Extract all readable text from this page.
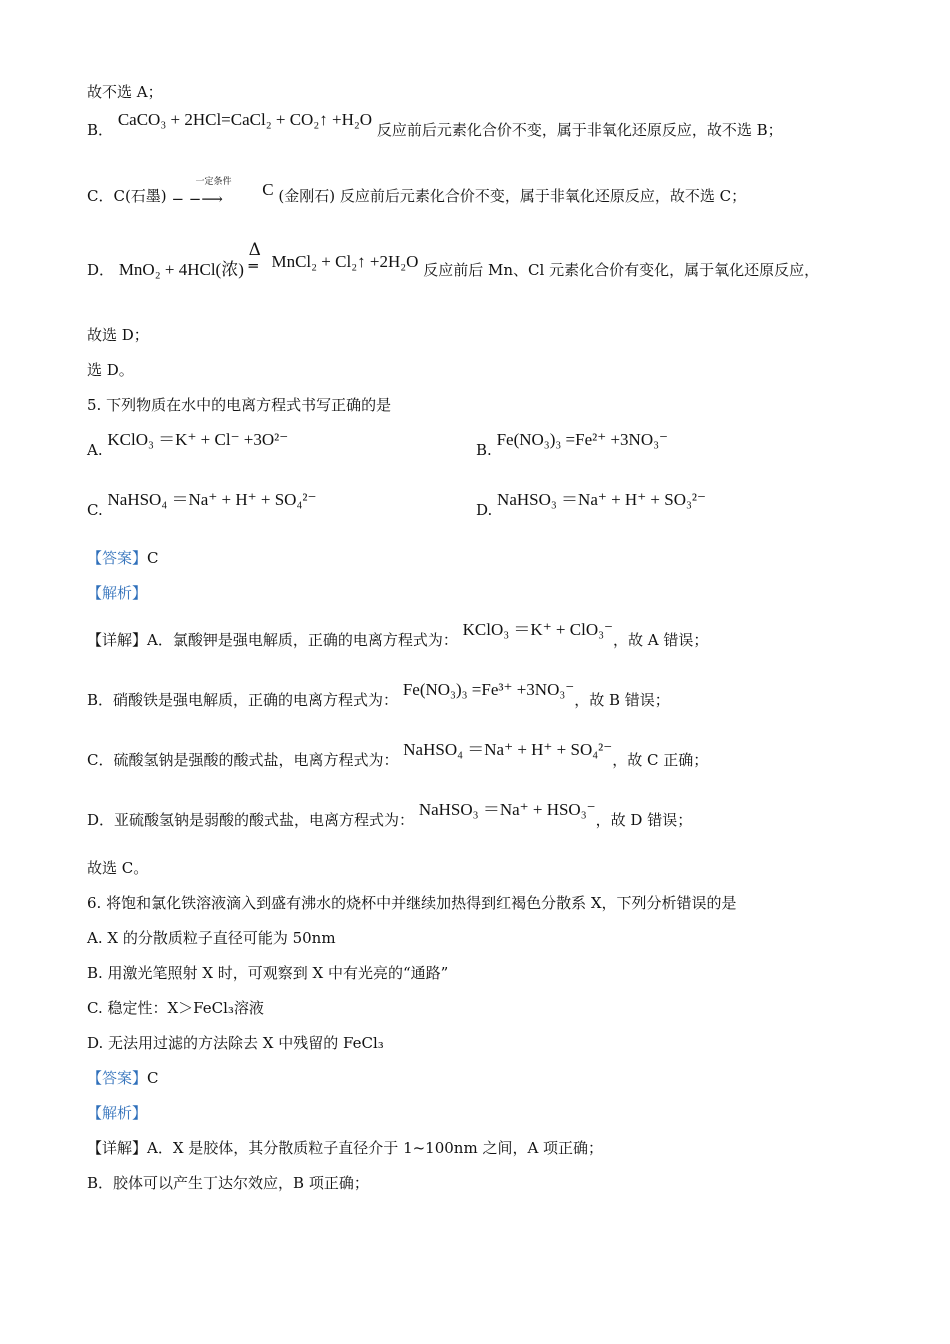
故不选 A；
B． CaCO₃ + 2HCl=CaCl₂ + CO₂↑ +H₂O 反应前后元素化合价不变，属于非氧化还原反应，故不选 B；
C．C(石墨)
一定条件
− −⟶ C (金刚石) 反应前后元素化合价不变，属于非氧化还原反应，故不选 C；
D． MnO₂ + 4HCl(浓)
Δ
═ MnCl₂ + Cl₂↑ +2H₂O 反应前后 Mn、Cl 元素化合价有变化，属于氧化还原反应，
故选 D；
选 D。
5. 下列物质在水中的电离方程式书写正确的是
A. KClO₃ ＝K⁺ + Cl⁻ +3O²⁻
B. Fe(NO₃)₃ =Fe²⁺ +3NO₃⁻
C. NaHSO₄ ＝Na⁺ + H⁺ + SO₄²⁻
D. NaHSO₃ ＝Na⁺ + H⁺ + SO₃²⁻
【答案】C
【解析】
【详解】A．氯酸钾是强电解质，正确的电离方程式为： KClO₃ ＝K⁺ + ClO₃⁻，故 A 错误；
B．硝酸铁是强电解质，正确的电离方程式为： Fe(NO₃)₃ =Fe³⁺ +3NO₃⁻，故 B 错误；
C．硫酸氢钠是强酸的酸式盐，电离方程式为： NaHSO₄ ＝Na⁺ + H⁺ + SO₄²⁻，故 C 正确；
D．亚硫酸氢钠是弱酸的酸式盐，电离方程式为： NaHSO₃ ＝Na⁺ + HSO₃⁻，故 D 错误；
故选 C。
6. 将饱和氯化铁溶液滴入到盛有沸水的烧杯中并继续加热得到红褐色分散系 X，下列分析错误的是
A. X 的分散质粒子直径可能为 50nm
B. 用激光笔照射 X 时，可观察到 X 中有光亮的“通路”
C. 稳定性：X＞FeCl₃溶液
D. 无法用过滤的方法除去 X 中残留的 FeCl₃
【答案】C
【解析】
【详解】A．X 是胶体，其分散质粒子直径介于 1~100nm 之间，A 项正确；
B．胶体可以产生丁达尔效应，B 项正确；
